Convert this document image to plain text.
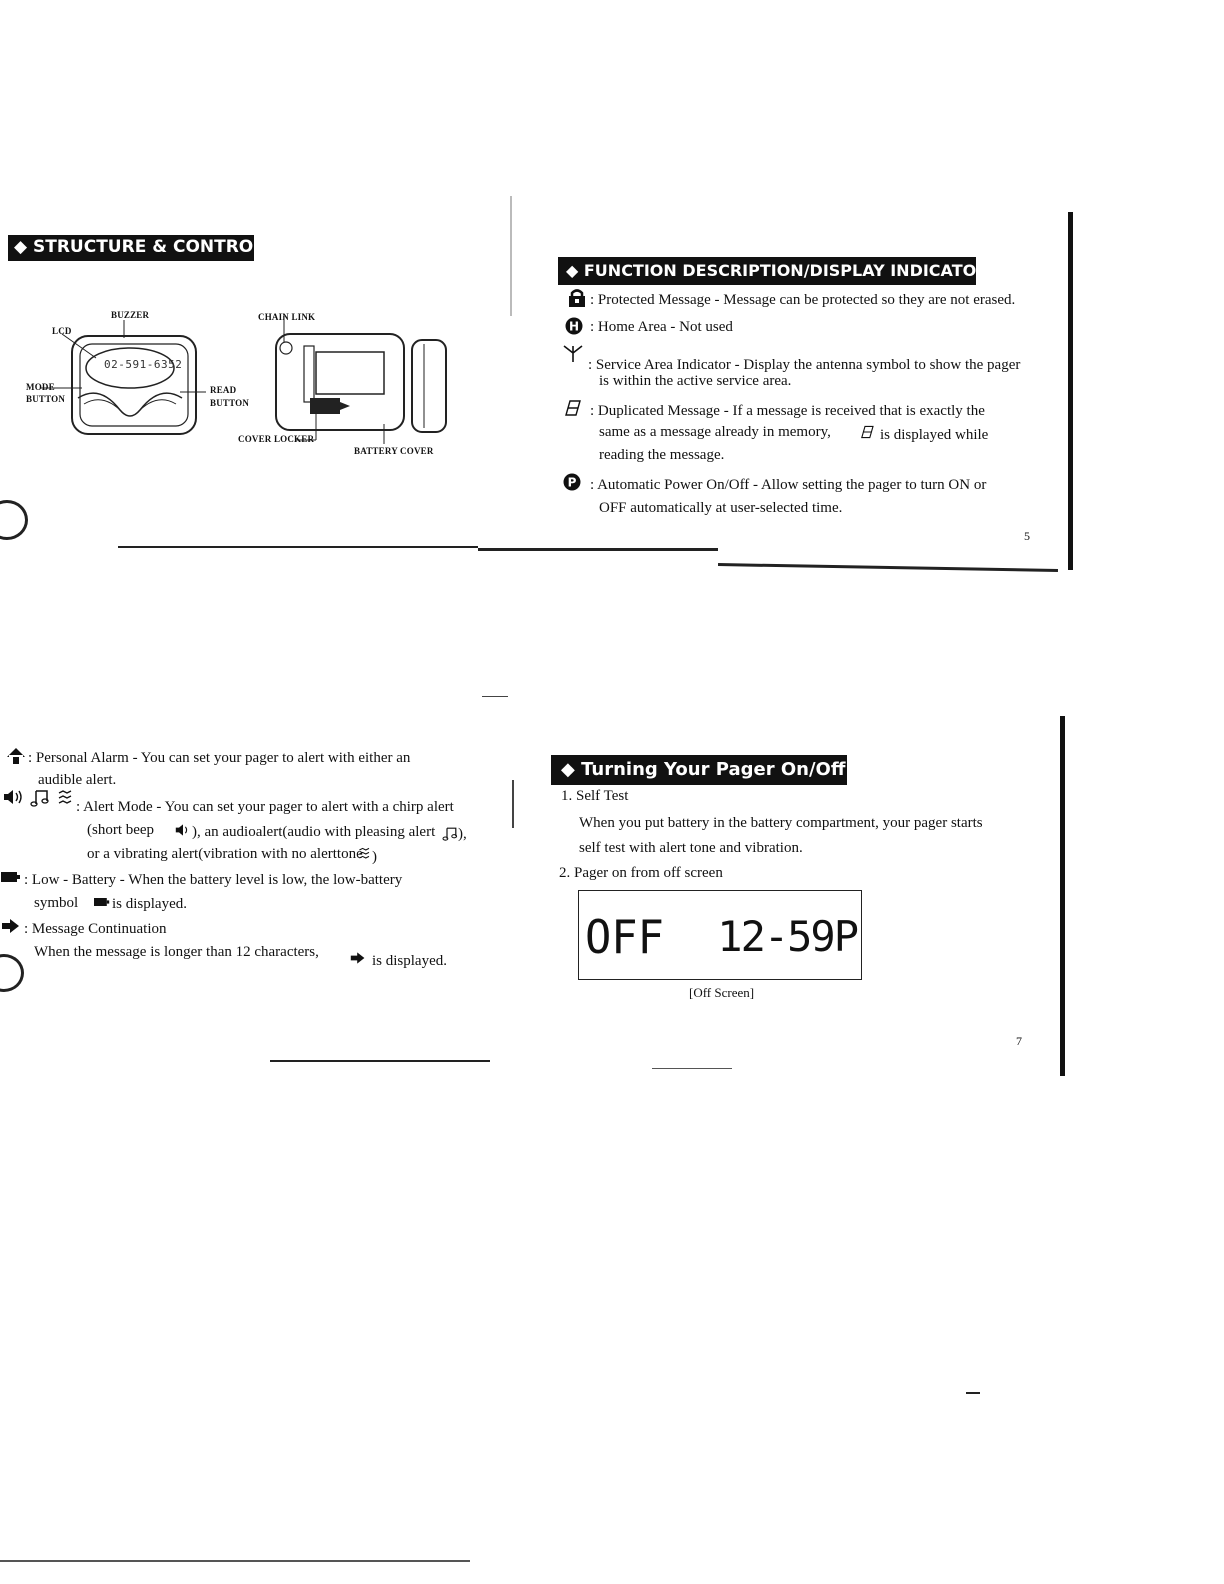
◆ STRUCTURE & CONTROLS
02-591-6352
BUZZER
LCD
MODE
BUTTON
READ
BUTTON
CHAIN LINK
COVER LOCKER
BATTERY COVER
◆ FUNCTION DESCRIPTION/DISPLAY INDICATORS
: Protected Message - Message can be protected so they are not erased.
H : Home Area - Not used
: Service Area Indicator - Display the antenna symbol to show the pager
is within the active service area.
: Duplicated Message - If a message is received that is exactly the
same as a message already in memory,	is displayed while
reading the message.
P : Automatic Power On/Off - Allow setting the pager to turn ON or
OFF automatically at user-selected time.
5
: Personal Alarm - You can set your pager to alert with either an
audible alert.
: Alert Mode - You can set your pager to alert with a chirp alert
(short beep	), an audioalert(audio with pleasing alert ),
or a vibrating alert(vibration with no alerttone )
: Low - Battery - When the battery level is low, the low-battery
symbol is displayed.
: Message Continuation
When the message is longer than 12 characters,
is displayed.
◆ Turning Your Pager On/Off
1. Self Test
When you put battery in the battery compartment, your pager starts
self test with alert tone and vibration.
2. Pager on from off screen
OFF	12-59P
[Off Screen]
7
